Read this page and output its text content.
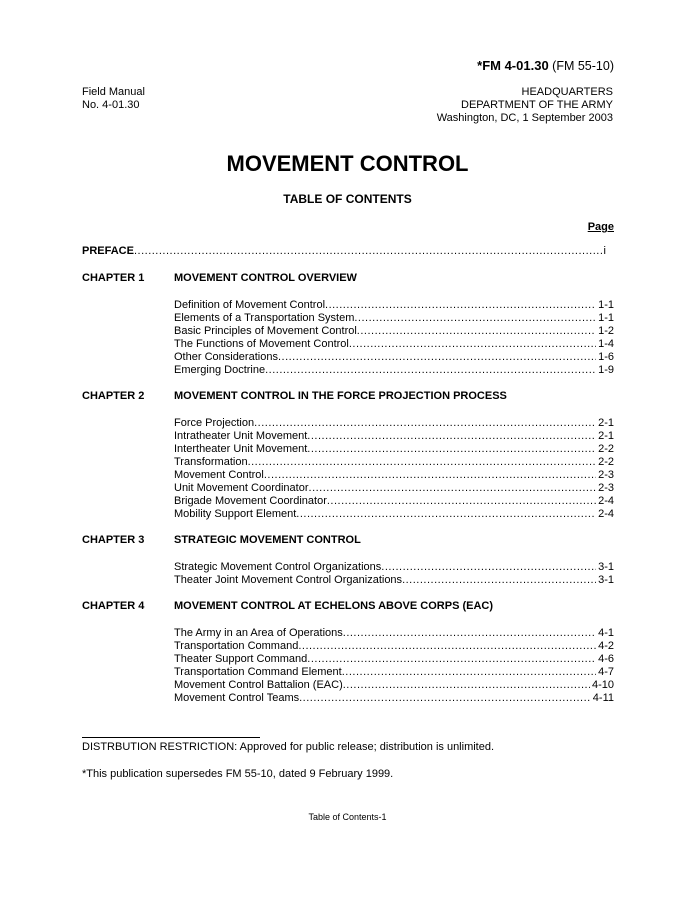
*FM 4-01.30 (FM 55-10)
Field Manual
No. 4-01.30
HEADQUARTERS
DEPARTMENT OF THE ARMY
Washington, DC, 1 September 2003
MOVEMENT CONTROL
TABLE OF CONTENTS
Page
PREFACE .....	i
CHAPTER 1	MOVEMENT CONTROL OVERVIEW
Definition of Movement Control .....	1-1
Elements of a Transportation System .....	1-1
Basic Principles of Movement Control .....	1-2
The Functions of Movement Control .....	1-4
Other Considerations .....	1-6
Emerging Doctrine .....	1-9
CHAPTER 2	MOVEMENT CONTROL IN THE FORCE PROJECTION PROCESS
Force Projection .....	2-1
Intratheater Unit Movement .....	2-1
Intertheater Unit Movement .....	2-2
Transformation .....	2-2
Movement Control .....	2-3
Unit Movement Coordinator .....	2-3
Brigade Movement Coordinator .....	2-4
Mobility Support Element .....	2-4
CHAPTER 3	STRATEGIC MOVEMENT CONTROL
Strategic Movement Control Organizations .....	3-1
Theater Joint Movement Control Organizations .....	3-1
CHAPTER 4	MOVEMENT CONTROL AT ECHELONS ABOVE CORPS (EAC)
The Army in an Area of Operations .....	4-1
Transportation Command .....	4-2
Theater Support Command .....	4-6
Transportation Command Element .....	4-7
Movement Control Battalion (EAC) .....	4-10
Movement Control Teams .....	4-11
DISTRBUTION RESTRICTION: Approved for public release; distribution is unlimited.
*This publication supersedes FM 55-10, dated 9 February 1999.
Table of Contents-1
